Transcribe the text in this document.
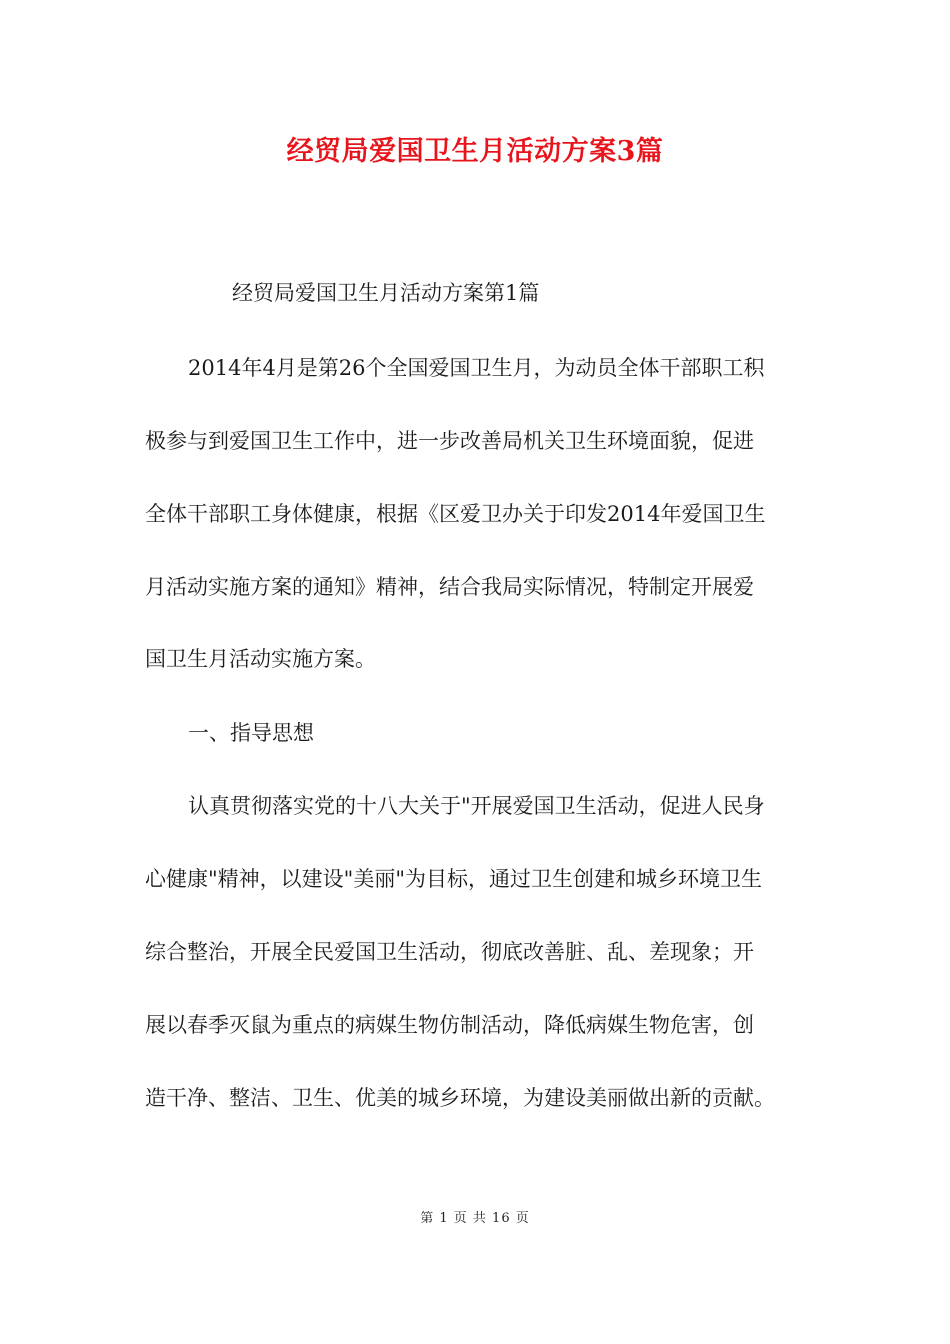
经贸局爱国卫生月活动方案3篇

经贸局爱国卫生月活动方案第1篇

2014年4月是第26个全国爱国卫生月，为动员全体干部职工积

极参与到爱国卫生工作中，进一步改善局机关卫生环境面貌，促进

全体干部职工身体健康，根据《区爱卫办关于印发2014年爱国卫生

月活动实施方案的通知》精神，结合我局实际情况，特制定开展爱

国卫生月活动实施方案。

一、指导思想

认真贯彻落实党的十八大关于"开展爱国卫生活动，促进人民身

心健康"精神，以建设"美丽"为目标，通过卫生创建和城乡环境卫生

综合整治，开展全民爱国卫生活动，彻底改善脏、乱、差现象；开

展以春季灭鼠为重点的病媒生物仿制活动，降低病媒生物危害，创

造干净、整洁、卫生、优美的城乡环境，为建设美丽做出新的贡献。

第 1 页 共 16 页
